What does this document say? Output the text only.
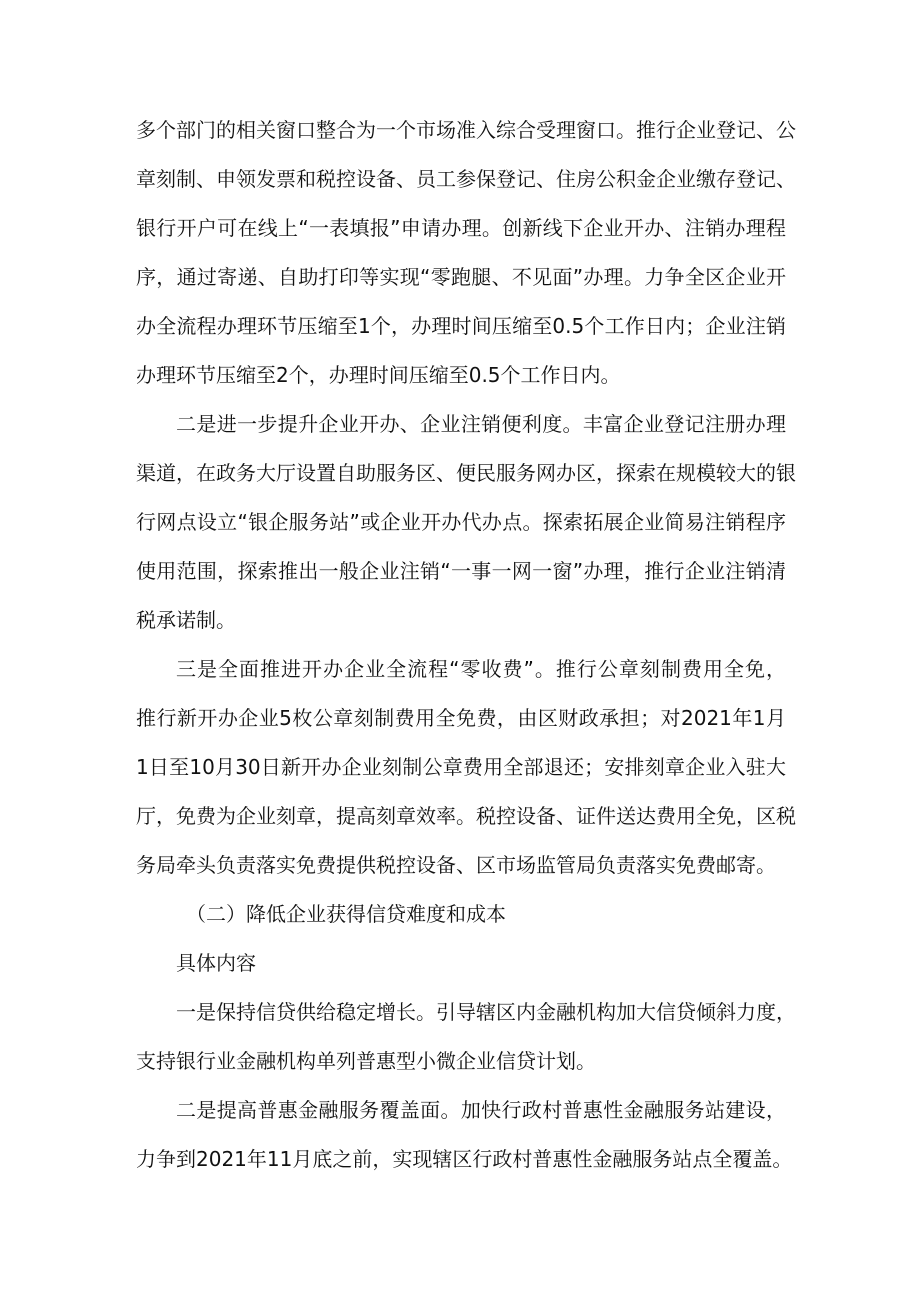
多个部门的相关窗口整合为一个市场准入综合受理窗口。推行企业登记、公
章刻制、申领发票和税控设备、员工参保登记、住房公积金企业缴存登记、
银行开户可在线上“一表填报”申请办理。创新线下企业开办、注销办理程
序，通过寄递、自助打印等实现“零跑腿、不见面”办理。力争全区企业开
办全流程办理环节压缩至1个，办理时间压缩至0.5个工作日内；企业注销
办理环节压缩至2个，办理时间压缩至0.5个工作日内。
二是进一步提升企业开办、企业注销便利度。丰富企业登记注册办理
渠道，在政务大厅设置自助服务区、便民服务网办区，探索在规模较大的银
行网点设立“银企服务站”或企业开办代办点。探索拓展企业简易注销程序
使用范围，探索推出一般企业注销“一事一网一窗”办理，推行企业注销清
税承诺制。
三是全面推进开办企业全流程“零收费”。推行公章刻制费用全免，
推行新开办企业5枚公章刻制费用全免费，由区财政承担；对2021年1月
1日至10月30日新开办企业刻制公章费用全部退还；安排刻章企业入驻大
厅，免费为企业刻章，提高刻章效率。税控设备、证件送达费用全免，区税
务局牵头负责落实免费提供税控设备、区市场监管局负责落实免费邮寄。
（二）降低企业获得信贷难度和成本
具体内容
一是保持信贷供给稳定增长。引导辖区内金融机构加大信贷倾斜力度，
支持银行业金融机构单列普惠型小微企业信贷计划。
二是提高普惠金融服务覆盖面。加快行政村普惠性金融服务站建设，
力争到2021年11月底之前，实现辖区行政村普惠性金融服务站点全覆盖。
